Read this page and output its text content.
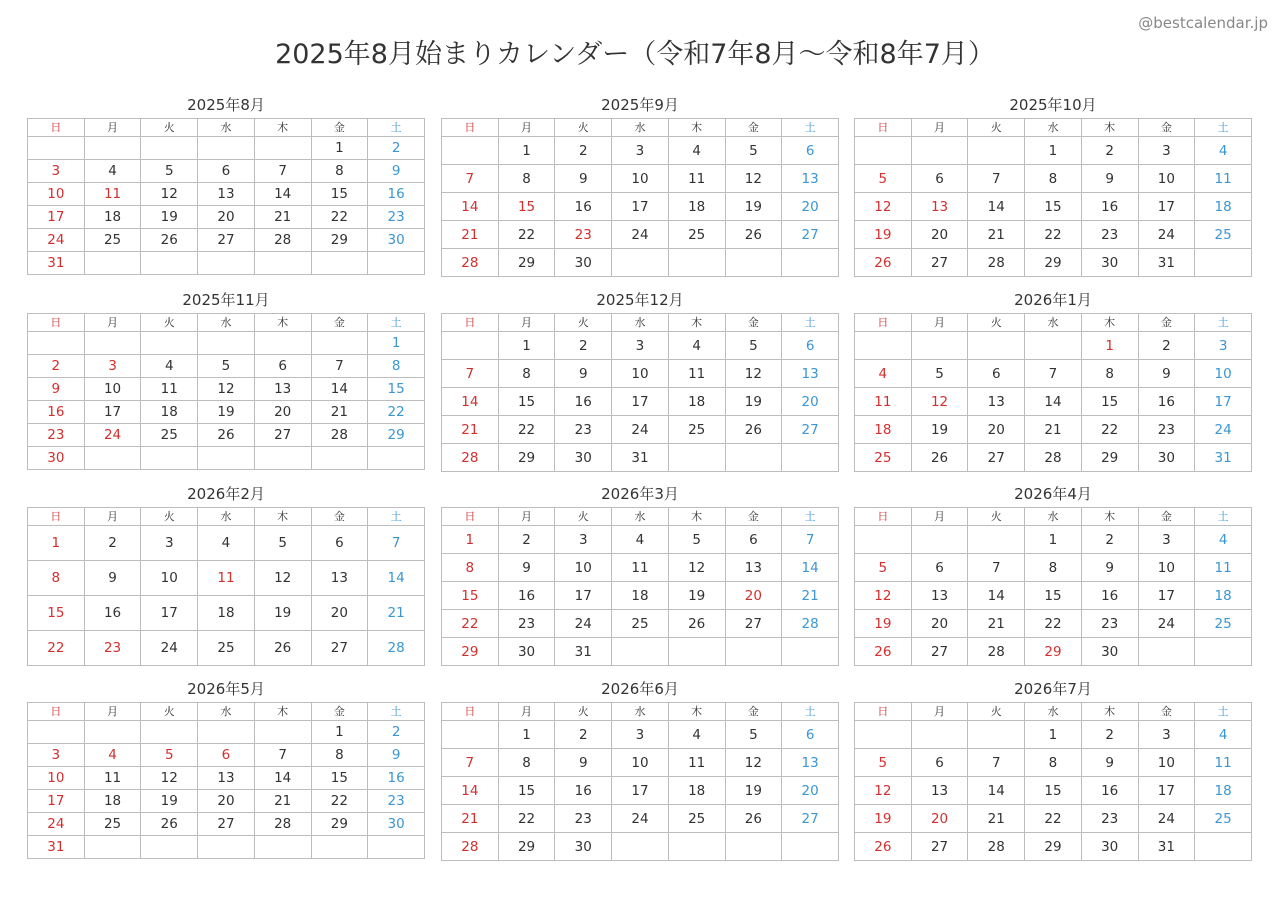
@bestcalendar.jp
2025年8月始まりカレンダー（令和7年8月〜令和8年7月）
2025年8月
日	月	火	水	木	金	土
					1	2
3	4	5	6	7	8	9
10	11	12	13	14	15	16
17	18	19	20	21	22	23
24	25	26	27	28	29	30
31						
2025年9月
日	月	火	水	木	金	土
	1	2	3	4	5	6
7	8	9	10	11	12	13
14	15	16	17	18	19	20
21	22	23	24	25	26	27
28	29	30				
2025年10月
日	月	火	水	木	金	土
			1	2	3	4
5	6	7	8	9	10	11
12	13	14	15	16	17	18
19	20	21	22	23	24	25
26	27	28	29	30	31	
2025年11月
日	月	火	水	木	金	土
						1
2	3	4	5	6	7	8
9	10	11	12	13	14	15
16	17	18	19	20	21	22
23	24	25	26	27	28	29
30						
2025年12月
日	月	火	水	木	金	土
	1	2	3	4	5	6
7	8	9	10	11	12	13
14	15	16	17	18	19	20
21	22	23	24	25	26	27
28	29	30	31			
2026年1月
日	月	火	水	木	金	土
				1	2	3
4	5	6	7	8	9	10
11	12	13	14	15	16	17
18	19	20	21	22	23	24
25	26	27	28	29	30	31
2026年2月
日	月	火	水	木	金	土
1	2	3	4	5	6	7
8	9	10	11	12	13	14
15	16	17	18	19	20	21
22	23	24	25	26	27	28
2026年3月
日	月	火	水	木	金	土
1	2	3	4	5	6	7
8	9	10	11	12	13	14
15	16	17	18	19	20	21
22	23	24	25	26	27	28
29	30	31				
2026年4月
日	月	火	水	木	金	土
			1	2	3	4
5	6	7	8	9	10	11
12	13	14	15	16	17	18
19	20	21	22	23	24	25
26	27	28	29	30		
2026年5月
日	月	火	水	木	金	土
					1	2
3	4	5	6	7	8	9
10	11	12	13	14	15	16
17	18	19	20	21	22	23
24	25	26	27	28	29	30
31						
2026年6月
日	月	火	水	木	金	土
	1	2	3	4	5	6
7	8	9	10	11	12	13
14	15	16	17	18	19	20
21	22	23	24	25	26	27
28	29	30				
2026年7月
日	月	火	水	木	金	土
			1	2	3	4
5	6	7	8	9	10	11
12	13	14	15	16	17	18
19	20	21	22	23	24	25
26	27	28	29	30	31	
